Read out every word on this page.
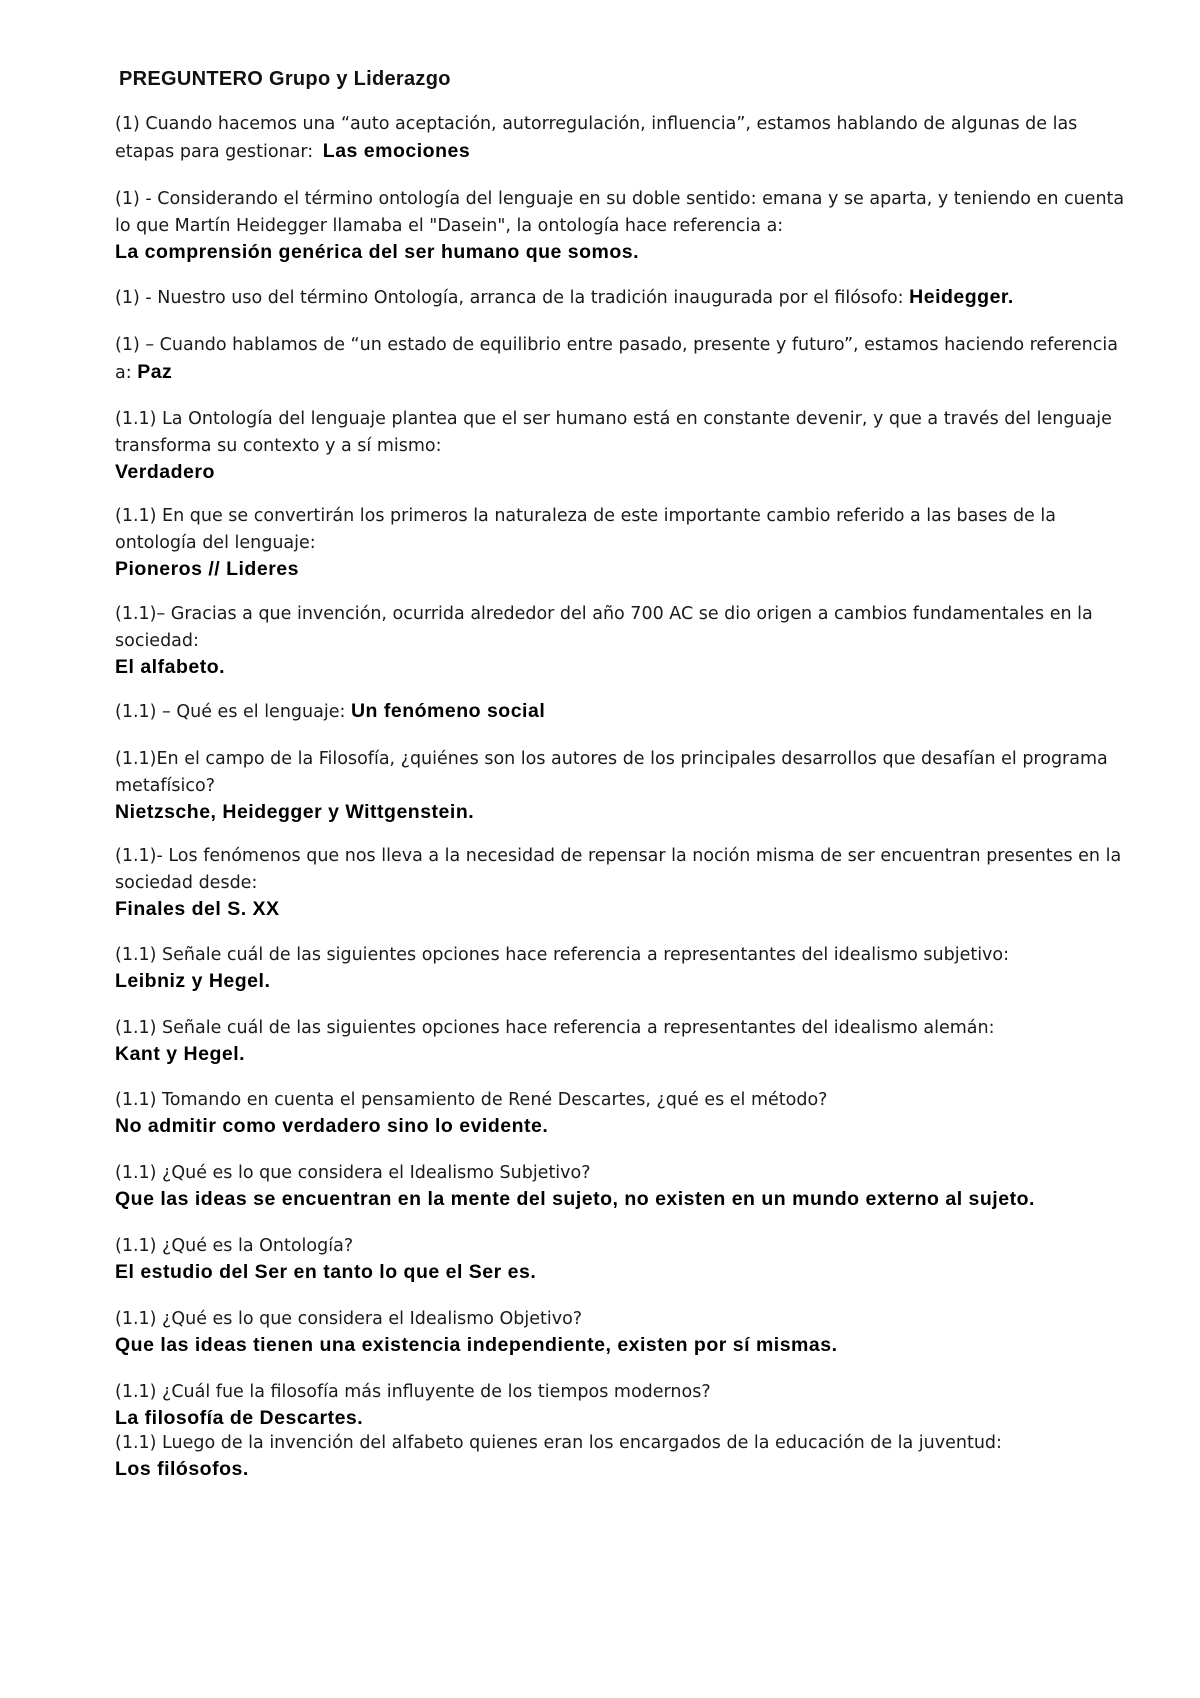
PREGUNTERO Grupo y Liderazgo

(1) Cuando hacemos una “auto aceptación, autorregulación, influencia”, estamos hablando de algunas de las etapas para gestionar: Las emociones

(1) - Considerando el término ontología del lenguaje en su doble sentido: emana y se aparta, y teniendo en cuenta lo que Martín Heidegger llamaba el "Dasein", la ontología hace referencia a:

La comprensión genérica del ser humano que somos.

(1) - Nuestro uso del término Ontología, arranca de la tradición inaugurada por el filósofo: Heidegger.

(1) – Cuando hablamos de “un estado de equilibrio entre pasado, presente y futuro”, estamos haciendo referencia a: Paz

(1.1) La Ontología del lenguaje plantea que el ser humano está en constante devenir, y que a través del lenguaje transforma su contexto y a sí mismo:

Verdadero

(1.1) En que se convertirán los primeros la naturaleza de este importante cambio referido a las bases de la ontología del lenguaje:

Pioneros // Lideres

(1.1)– Gracias a que invención, ocurrida alrededor del año 700 AC se dio origen a cambios fundamentales en la sociedad:

El alfabeto.

(1.1) – Qué es el lenguaje: Un fenómeno social

(1.1)En el campo de la Filosofía, ¿quiénes son los autores de los principales desarrollos que desafían el programa metafísico?

Nietzsche, Heidegger y Wittgenstein.

(1.1)- Los fenómenos que nos lleva a la necesidad de repensar la noción misma de ser encuentran presentes en la sociedad desde:

Finales del S. XX

(1.1) Señale cuál de las siguientes opciones hace referencia a representantes del idealismo subjetivo:

Leibniz y Hegel.

(1.1) Señale cuál de las siguientes opciones hace referencia a representantes del idealismo alemán:

Kant y Hegel.

(1.1) Tomando en cuenta el pensamiento de René Descartes, ¿qué es el método?

No admitir como verdadero sino lo evidente.

(1.1) ¿Qué es lo que considera el Idealismo Subjetivo?

Que las ideas se encuentran en la mente del sujeto, no existen en un mundo externo al sujeto.

(1.1) ¿Qué es la Ontología?

El estudio del Ser en tanto lo que el Ser es.

(1.1) ¿Qué es lo que considera el Idealismo Objetivo?

Que las ideas tienen una existencia independiente, existen por sí mismas.

(1.1) ¿Cuál fue la filosofía más influyente de los tiempos modernos?

La filosofía de Descartes.

(1.1) Luego de la invención del alfabeto quienes eran los encargados de la educación de la juventud:

Los filósofos.
